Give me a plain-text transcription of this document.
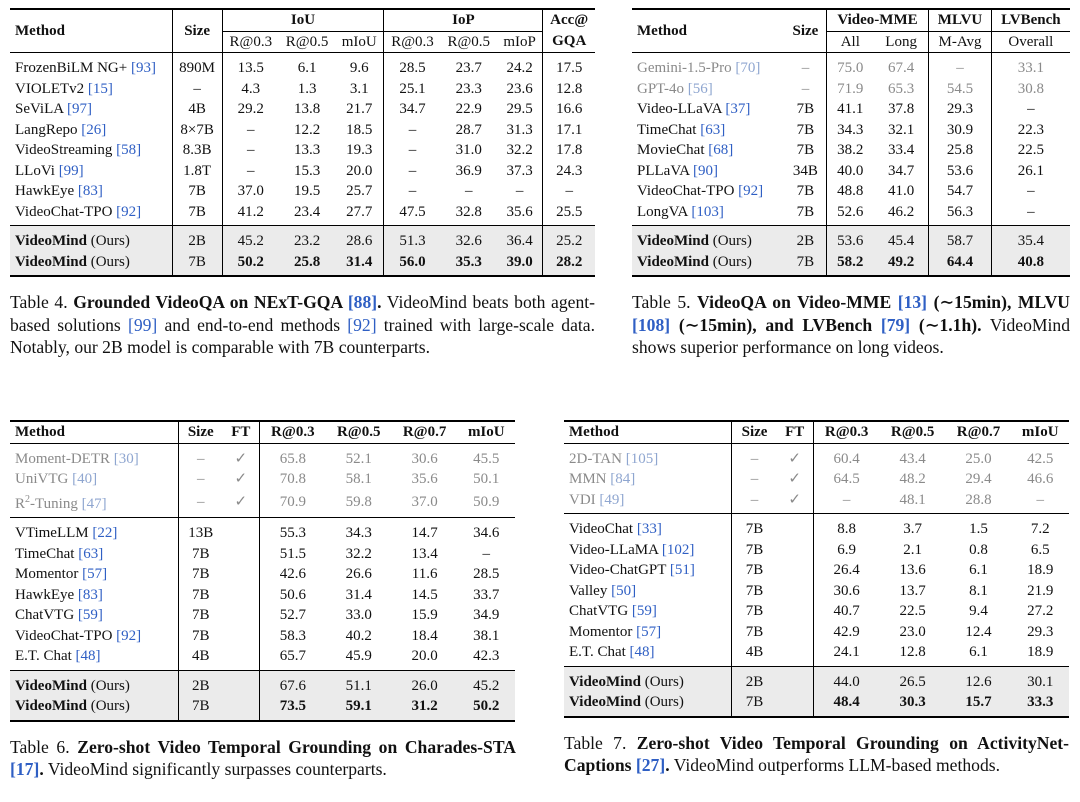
Method	Size	IoU			IoP			Acc@
		R@0.3	R@0.5	mIoU	R@0.3	R@0.5	mIoP	GQA
FrozenBiLM NG+ [93]	890M	13.5	6.1	9.6	28.5	23.7	24.2	17.5
VIOLETv2 [15]	–	4.3	1.3	3.1	25.1	23.3	23.6	12.8
SeViLA [97]	4B	29.2	13.8	21.7	34.7	22.9	29.5	16.6
LangRepo [26]	8×7B	–	12.2	18.5	–	28.7	31.3	17.1
VideoStreaming [58]	8.3B	–	13.3	19.3	–	31.0	32.2	17.8
LLoVi [99]	1.8T	–	15.3	20.0	–	36.9	37.3	24.3
HawkEye [83]	7B	37.0	19.5	25.7	–	–	–	–
VideoChat-TPO [92]	7B	41.2	23.4	27.7	47.5	32.8	35.6	25.5
VideoMind (Ours)	2B	45.2	23.2	28.6	51.3	32.6	36.4	25.2
VideoMind (Ours)	7B	50.2	25.8	31.4	56.0	35.3	39.0	28.2
Table 4. Grounded VideoQA on NExT-GQA [88]. VideoMind beats both agent-based solutions [99] and end-to-end methods [92] trained with large-scale data. Notably, our 2B model is comparable with 7B counterparts.
Method	Size	Video-MME		MLVU	LVBench
		All	Long	M-Avg	Overall
Gemini-1.5-Pro [70]	–	75.0	67.4	–	33.1
GPT-4o [56]	–	71.9	65.3	54.5	30.8
Video-LLaVA [37]	7B	41.1	37.8	29.3	–
TimeChat [63]	7B	34.3	32.1	30.9	22.3
MovieChat [68]	7B	38.2	33.4	25.8	22.5
PLLaVA [90]	34B	40.0	34.7	53.6	26.1
VideoChat-TPO [92]	7B	48.8	41.0	54.7	–
LongVA [103]	7B	52.6	46.2	56.3	–
VideoMind (Ours)	2B	53.6	45.4	58.7	35.4
VideoMind (Ours)	7B	58.2	49.2	64.4	40.8
Table 5. VideoQA on Video-MME [13] (∼15min), MLVU [108] (∼15min), and LVBench [79] (∼1.1h). VideoMind shows superior performance on long videos.
Method	Size	FT	R@0.3	R@0.5	R@0.7	mIoU
Moment-DETR [30]	–	✓	65.8	52.1	30.6	45.5
UniVTG [40]	–	✓	70.8	58.1	35.6	50.1
$R^2$-Tuning [47]	–	✓	70.9	59.8	37.0	50.9
VTimeLLM [22]	13B		55.3	34.3	14.7	34.6
TimeChat [63]	7B		51.5	32.2	13.4	–
Momentor [57]	7B		42.6	26.6	11.6	28.5
HawkEye [83]	7B		50.6	31.4	14.5	33.7
ChatVTG [59]	7B		52.7	33.0	15.9	34.9
VideoChat-TPO [92]	7B		58.3	40.2	18.4	38.1
E.T. Chat [48]	4B		65.7	45.9	20.0	42.3
VideoMind (Ours)	2B		67.6	51.1	26.0	45.2
VideoMind (Ours)	7B		73.5	59.1	31.2	50.2
Table 6. Zero-shot Video Temporal Grounding on Charades-STA [17]. VideoMind significantly surpasses counterparts.
Method	Size	FT	R@0.3	R@0.5	R@0.7	mIoU
2D-TAN [105]	–	✓	60.4	43.4	25.0	42.5
MMN [84]	–	✓	64.5	48.2	29.4	46.6
VDI [49]	–	✓	–	48.1	28.8	–
VideoChat [33]	7B		8.8	3.7	1.5	7.2
Video-LLaMA [102]	7B		6.9	2.1	0.8	6.5
Video-ChatGPT [51]	7B		26.4	13.6	6.1	18.9
Valley [50]	7B		30.6	13.7	8.1	21.9
ChatVTG [59]	7B		40.7	22.5	9.4	27.2
Momentor [57]	7B		42.9	23.0	12.4	29.3
E.T. Chat [48]	4B		24.1	12.8	6.1	18.9
VideoMind (Ours)	2B		44.0	26.5	12.6	30.1
VideoMind (Ours)	7B		48.4	30.3	15.7	33.3
Table 7. Zero-shot Video Temporal Grounding on ActivityNet-Captions [27]. VideoMind outperforms LLM-based methods.
